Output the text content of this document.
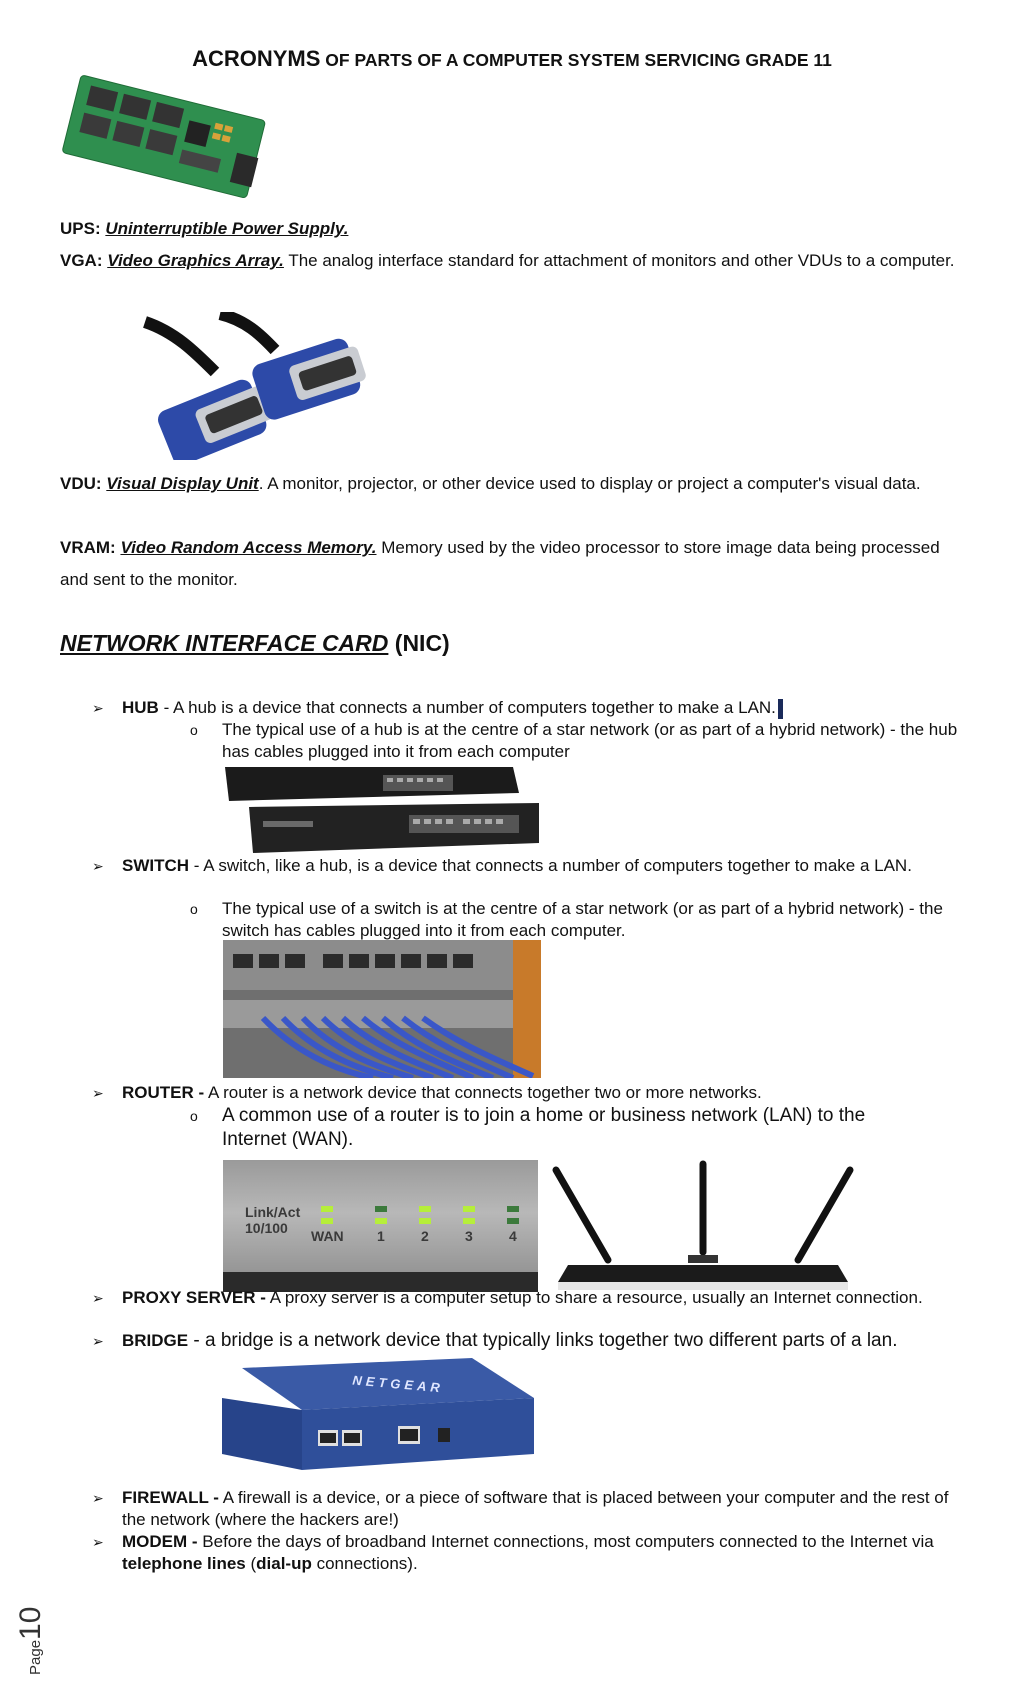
ACRONYMS OF PARTS OF A COMPUTER SYSTEM SERVICING GRADE 11
UPS: Uninterruptible Power Supply.
VGA: Video Graphics Array. The analog interface standard for attachment of monitors and other VDUs to a computer.
VDU: Visual Display Unit. A monitor, projector, or other device used to display or project a computer's visual data.
VRAM: Video Random Access Memory. Memory used by the video processor to store image data being processed and sent to the monitor.
NETWORK INTERFACE CARD (NIC)
➢ HUB - A hub is a device that connects a number of computers together to make a LAN.
o The typical use of a hub is at the centre of a star network (or as part of a hybrid network) - the hub has cables plugged into it from each computer
➢ SWITCH - A switch, like a hub, is a device that connects a number of computers together to make a LAN.
o The typical use of a switch is at the centre of a star network (or as part of a hybrid network) - the switch has cables plugged into it from each computer.
➢ ROUTER - A router is a network device that connects together two or more networks.
o A common use of a router is to join a home or business network (LAN) to the Internet (WAN).
Link/Act
10/100	WAN 1	2	3	4
➢ PROXY SERVER - A proxy server is a computer setup to share a resource, usually an Internet connection.
➢ BRIDGE - a bridge is a network device that typically links together two different parts of a lan.
NETGEAR
➢ FIREWALL - A firewall is a device, or a piece of software that is placed between your computer and the rest of the network (where the hackers are!)
➢ MODEM - Before the days of broadband Internet connections, most computers connected to the Internet via telephone lines (dial-up connections).
Page10
